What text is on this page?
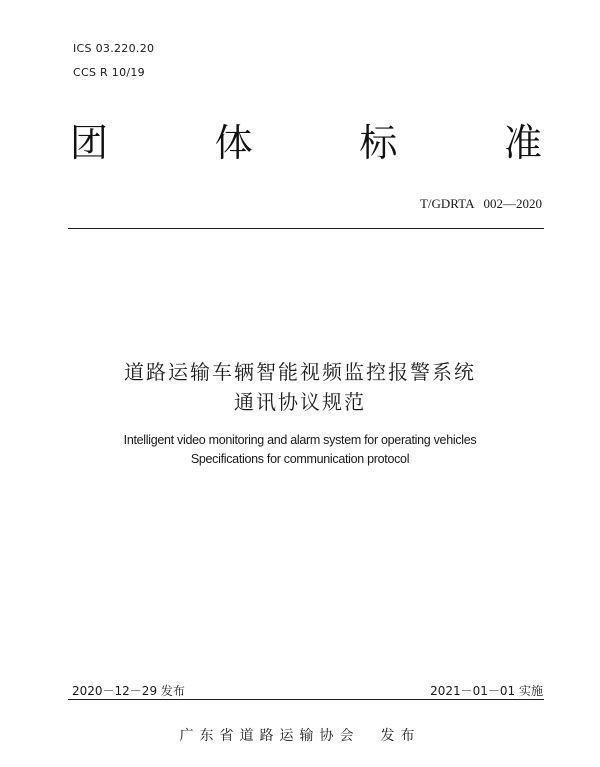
ICS 03.220.20
CCS R 10/19
团	体	标	准
T/GDRTA   002—2020
道路运输车辆智能视频监控报警系统
通讯协议规范
Intelligent video monitoring and alarm system for operating vehicles
Specifications for communication protocol
2020－12－29 发布	2021－01－01 实施
广东省道路运输协会  发布
